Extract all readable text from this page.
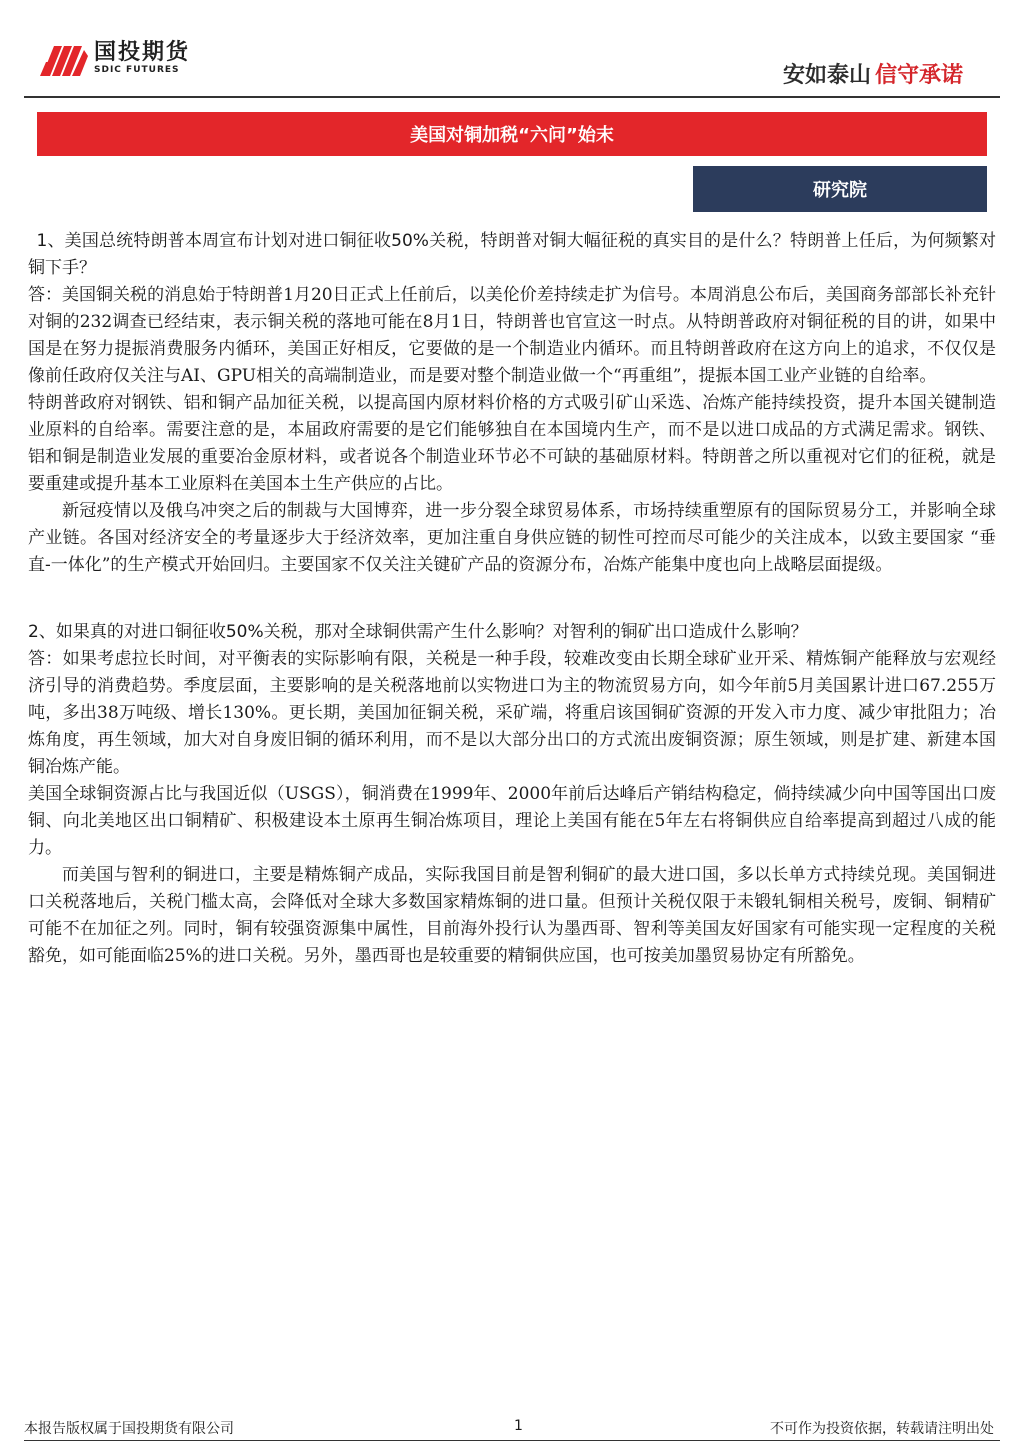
国投期货
SDIC FUTURES	安如泰山 信守承诺
美国对铜加税“六问”始末
研究院

1、美国总统特朗普本周宣布计划对进口铜征收50%关税，特朗普对铜大幅征税的真实目的是什么？特朗普上任后，为何频繁对铜下手？

答：美国铜关税的消息始于特朗普1月20日正式上任前后，以美伦价差持续走扩为信号。本周消息公布后，美国商务部部长补充针对铜的232调查已经结束，表示铜关税的落地可能在8月1日，特朗普也官宣这一时点。从特朗普政府对铜征税的目的讲，如果中国是在努力提振消费服务内循环，美国正好相反，它要做的是一个制造业内循环。而且特朗普政府在这方向上的追求，不仅仅是像前任政府仅关注与AI、GPU相关的高端制造业，而是要对整个制造业做一个“再重组”，提振本国工业产业链的自给率。

特朗普政府对钢铁、铝和铜产品加征关税，以提高国内原材料价格的方式吸引矿山采选、冶炼产能持续投资，提升本国关键制造业原料的自给率。需要注意的是，本届政府需要的是它们能够独自在本国境内生产，而不是以进口成品的方式满足需求。钢铁、铝和铜是制造业发展的重要冶金原材料，或者说各个制造业环节必不可缺的基础原材料。特朗普之所以重视对它们的征税，就是要重建或提升基本工业原料在美国本土生产供应的占比。

新冠疫情以及俄乌冲突之后的制裁与大国博弈，进一步分裂全球贸易体系，市场持续重塑原有的国际贸易分工，并影响全球产业链。各国对经济安全的考量逐步大于经济效率，更加注重自身供应链的韧性可控而尽可能少的关注成本，以致主要国家 “垂直-一体化”的生产模式开始回归。主要国家不仅关注关键矿产品的资源分布，冶炼产能集中度也向上战略层面提级。

2、如果真的对进口铜征收50%关税，那对全球铜供需产生什么影响？对智利的铜矿出口造成什么影响？

答：如果考虑拉长时间，对平衡表的实际影响有限，关税是一种手段，较难改变由长期全球矿业开采、精炼铜产能释放与宏观经济引导的消费趋势。季度层面，主要影响的是关税落地前以实物进口为主的物流贸易方向，如今年前5月美国累计进口67.255万吨，多出38万吨级、增长130%。更长期，美国加征铜关税，采矿端，将重启该国铜矿资源的开发入市力度、减少审批阻力；冶炼角度，再生领域，加大对自身废旧铜的循环利用，而不是以大部分出口的方式流出废铜资源；原生领域，则是扩建、新建本国铜冶炼产能。

美国全球铜资源占比与我国近似（USGS），铜消费在1999年、2000年前后达峰后产销结构稳定，倘持续减少向中国等国出口废铜、向北美地区出口铜精矿、积极建设本土原再生铜冶炼项目，理论上美国有能在5年左右将铜供应自给率提高到超过八成的能力。

而美国与智利的铜进口，主要是精炼铜产成品，实际我国目前是智利铜矿的最大进口国，多以长单方式持续兑现。美国铜进口关税落地后，关税门槛太高，会降低对全球大多数国家精炼铜的进口量。但预计关税仅限于未锻轧铜相关税号，废铜、铜精矿可能不在加征之列。同时，铜有较强资源集中属性，目前海外投行认为墨西哥、智利等美国友好国家有可能实现一定程度的关税豁免，如可能面临25%的进口关税。另外，墨西哥也是较重要的精铜供应国，也可按美加墨贸易协定有所豁免。

本报告版权属于国投期货有限公司	1	不可作为投资依据，转载请注明出处
